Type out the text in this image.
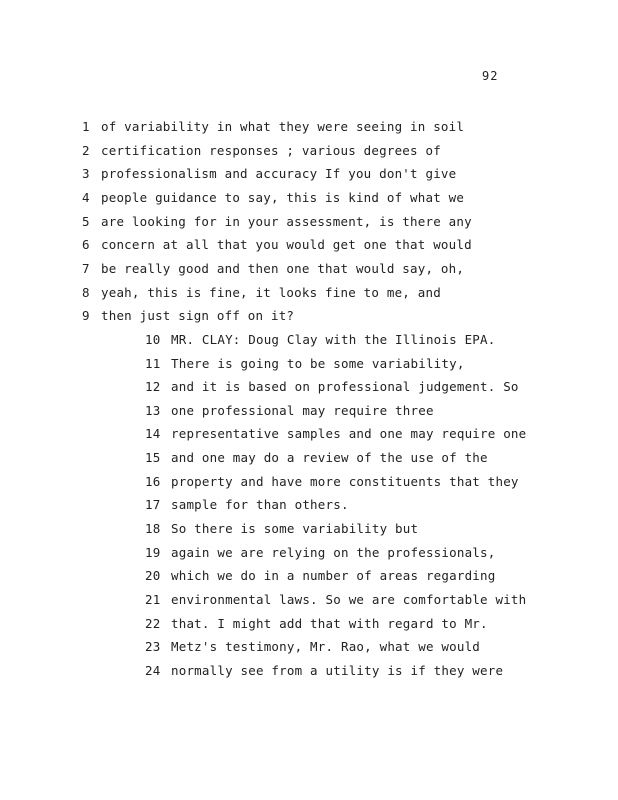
92
1 of variability in what they were seeing in soil
2 certification responses ; various degrees of
3 professionalism and accuracy If you don't give
4 people guidance to say, this is kind of what we
5 are looking for in your assessment, is there any
6 concern at all that you would get one that would
7 be really good and then one that would say, oh,
8 yeah, this is fine, it looks fine to me, and
9 then just sign off on it?
10 MR. CLAY: Doug Clay with the Illinois EPA.
11 There is going to be some variability,
12 and it is based on professional judgement. So
13 one professional may require three
14 representative samples and one may require one
15 and one may do a review of the use of the
16 property and have more constituents that they
17 sample for than others.
18 So there is some variability but
19 again we are relying on the professionals,
20 which we do in a number of areas regarding
21 environmental laws. So we are comfortable with
22 that. I might add that with regard to Mr.
23 Metz's testimony, Mr. Rao, what we would
24 normally see from a utility is if they were
